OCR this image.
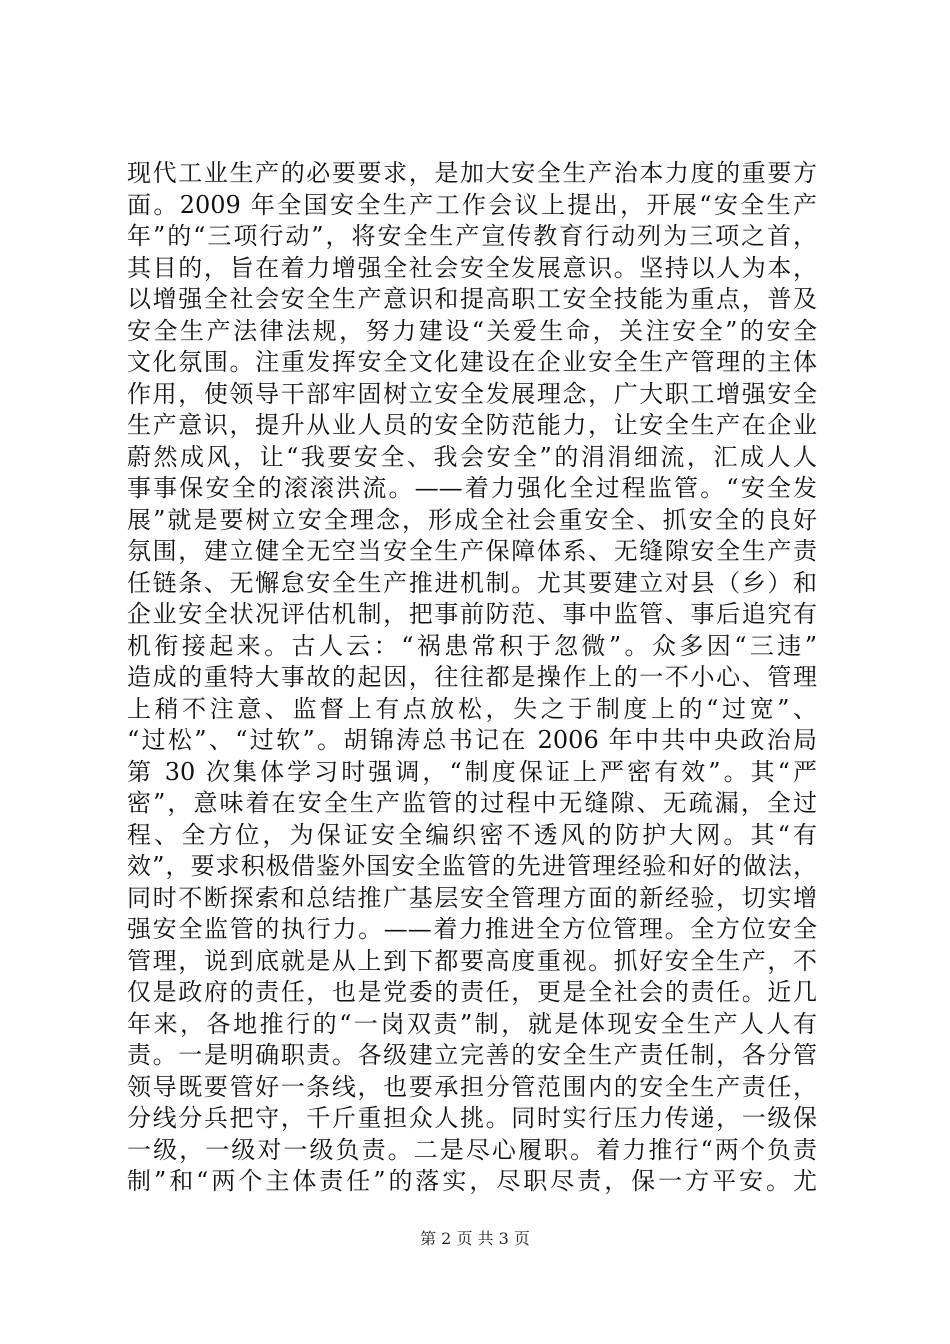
现代工业生产的必要要求，是加大安全生产治本力度的重要方
面。2009 年全国安全生产工作会议上提出，开展“安全生产
年”的“三项行动”，将安全生产宣传教育行动列为三项之首，
其目的，旨在着力增强全社会安全发展意识。坚持以人为本，
以增强全社会安全生产意识和提高职工安全技能为重点，普及
安全生产法律法规，努力建设“关爱生命，关注安全”的安全
文化氛围。注重发挥安全文化建设在企业安全生产管理的主体
作用，使领导干部牢固树立安全发展理念，广大职工增强安全
生产意识，提升从业人员的安全防范能力，让安全生产在企业
蔚然成风，让“我要安全、我会安全”的涓涓细流，汇成人人
事事保安全的滚滚洪流。——着力强化全过程监管。“安全发
展”就是要树立安全理念，形成全社会重安全、抓安全的良好
氛围，建立健全无空当安全生产保障体系、无缝隙安全生产责
任链条、无懈怠安全生产推进机制。尤其要建立对县（乡）和
企业安全状况评估机制，把事前防范、事中监管、事后追究有
机衔接起来。古人云：“祸患常积于忽微”。众多因“三违”
造成的重特大事故的起因，往往都是操作上的一不小心、管理
上稍不注意、监督上有点放松，失之于制度上的“过宽”、
“过松”、“过软”。胡锦涛总书记在 2006 年中共中央政治局
第 30 次集体学习时强调，“制度保证上严密有效”。其“严
密”，意味着在安全生产监管的过程中无缝隙、无疏漏，全过
程、全方位，为保证安全编织密不透风的防护大网。其“有
效”，要求积极借鉴外国安全监管的先进管理经验和好的做法，
同时不断探索和总结推广基层安全管理方面的新经验，切实增
强安全监管的执行力。——着力推进全方位管理。全方位安全
管理，说到底就是从上到下都要高度重视。抓好安全生产，不
仅是政府的责任，也是党委的责任，更是全社会的责任。近几
年来，各地推行的“一岗双责”制，就是体现安全生产人人有
责。一是明确职责。各级建立完善的安全生产责任制，各分管
领导既要管好一条线，也要承担分管范围内的安全生产责任，
分线分兵把守，千斤重担众人挑。同时实行压力传递，一级保
一级，一级对一级负责。二是尽心履职。着力推行“两个负责
制”和“两个主体责任”的落实，尽职尽责，保一方平安。尤
第 2 页 共 3 页
